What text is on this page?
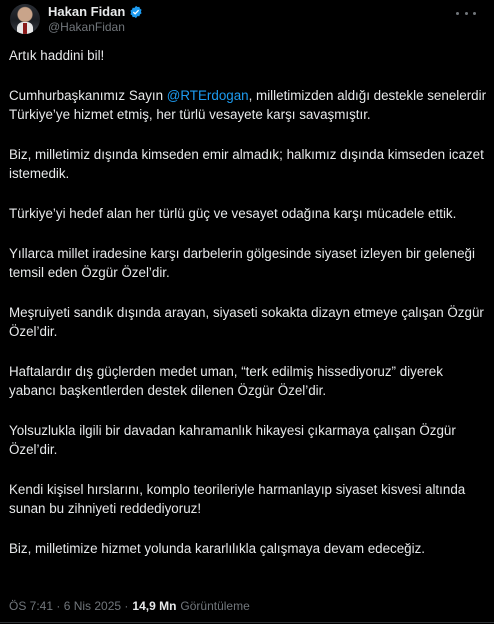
Hakan Fidan
@HakanFidan

Artık haddini bil!

Cumhurbaşkanımız Sayın @RTErdogan, milletimizden aldığı destekle senelerdir Türkiye’ye hizmet etmiş, her türlü vesayete karşı savaşmıştır.

Biz, milletimiz dışında kimseden emir almadık; halkımız dışında kimseden icazet istemedik.

Türkiye’yi hedef alan her türlü güç ve vesayet odağına karşı mücadele ettik.

Yıllarca millet iradesine karşı darbelerin gölgesinde siyaset izleyen bir geleneği temsil eden Özgür Özel’dir.

Meşruiyeti sandık dışında arayan, siyaseti sokakta dizayn etmeye çalışan Özgür Özel’dir.

Haftalardır dış güçlerden medet uman, “terk edilmiş hissediyoruz” diyerek yabancı başkentlerden destek dilenen Özgür Özel’dir.

Yolsuzlukla ilgili bir davadan kahramanlık hikayesi çıkarmaya çalışan Özgür Özel’dir.

Kendi kişisel hırslarını, komplo teorileriyle harmanlayıp siyaset kisvesi altında sunan bu zihniyeti reddediyoruz!

Biz, milletimize hizmet yolunda kararlılıkla çalışmaya devam edeceğiz.

ÖS 7:41 · 6 Nis 2025 · 14,9 Mn Görüntüleme
